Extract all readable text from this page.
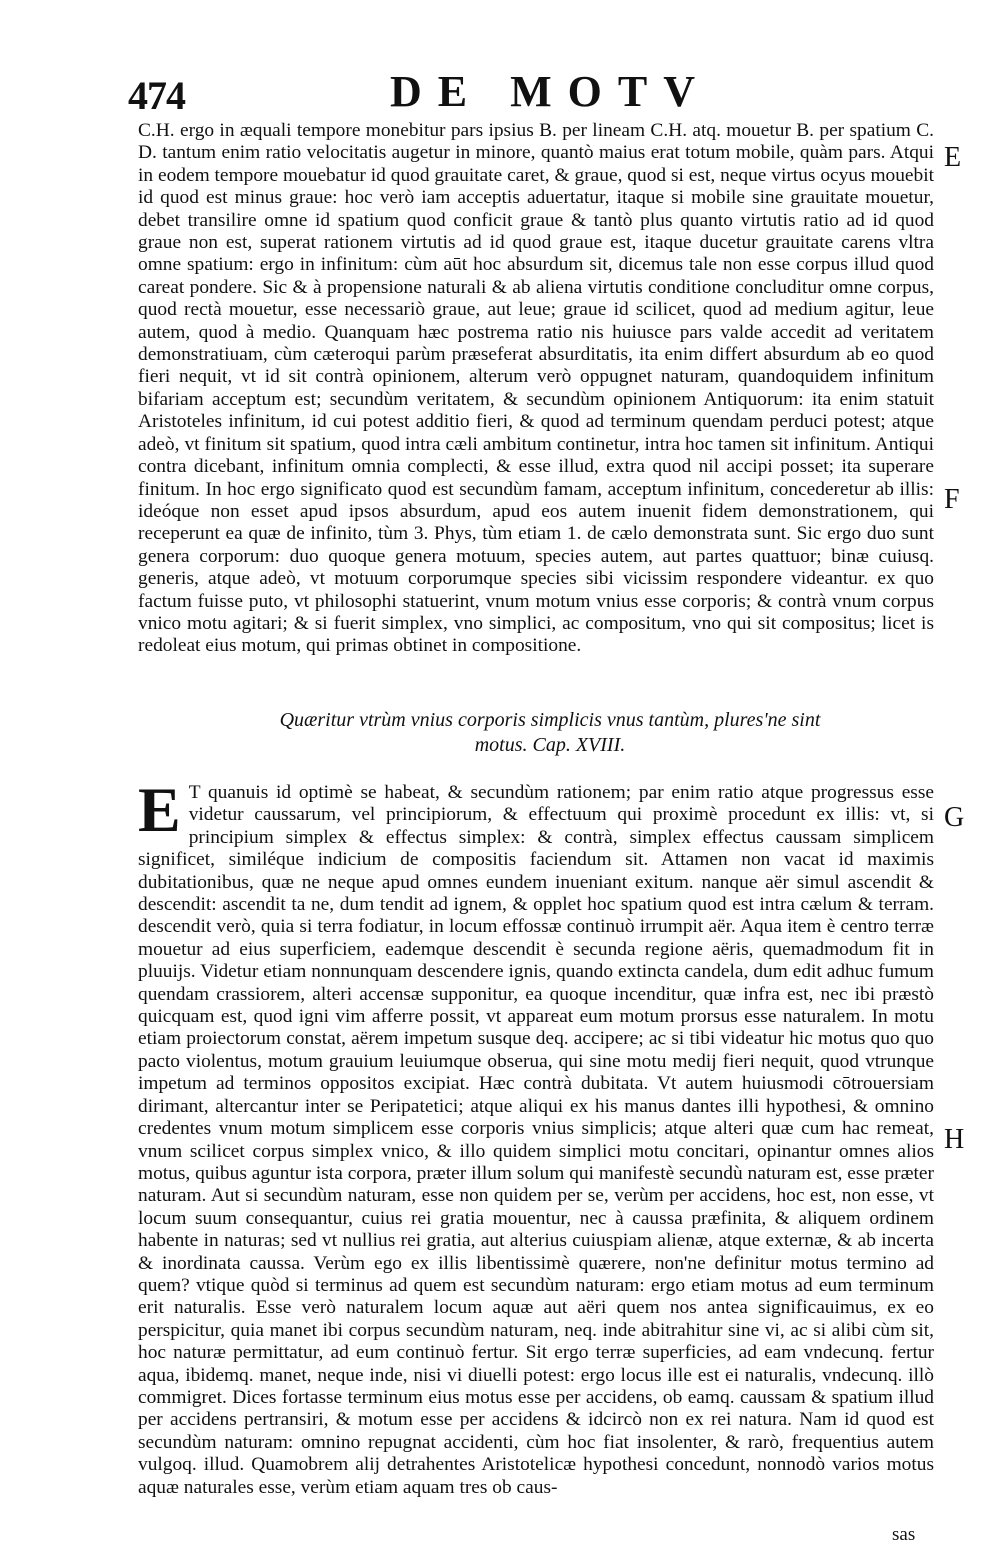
474	DE MOTV

C.H. ergo in æquali tempore monebitur pars ipsius B. per lineam C.H. atq. mouetur B. per spatium C. D. tantum enim ratio velocitatis augetur in minore, quantò maius erat totum mobile, quàm pars. Atqui in eodem tempore mouebatur id quod grauitate caret, & graue, quod si est, neque virtus ocyus mouebit id quod est minus graue: hoc verò iam acceptis aduertatur, itaque si mobile sine grauitate mouetur, debet transilire omne id spatium quod conficit graue & tantò plus quanto virtutis ratio ad id quod graue non est, superat rationem virtutis ad id quod graue est, itaque ducetur grauitate carens vltra omne spatium: ergo in infinitum: cùm aūt hoc absurdum sit, dicemus tale non esse corpus illud quod careat pondere. Sic & à propensione naturali & ab aliena virtutis conditione concluditur omne corpus, quod rectà mouetur, esse necessariò graue, aut leue; graue id scilicet, quod ad medium agitur, leue autem, quod à medio. Quanquam hæc postrema ratio nis huiusce pars valde accedit ad veritatem demonstratiuam, cùm cæteroqui parùm præseferat absurditatis, ita enim differt absurdum ab eo quod fieri nequit, vt id sit contrà opinionem, alterum verò oppugnet naturam, quandoquidem infinitum bifariam acceptum est; secundùm veritatem, & secundùm opinionem Antiquorum: ita enim statuit Aristoteles infinitum, id cui potest additio fieri, & quod ad terminum quendam perduci potest; atque adeò, vt finitum sit spatium, quod intra cæli ambitum continetur, intra hoc tamen sit infinitum. Antiqui contra dicebant, infinitum omnia complecti, & esse illud, extra quod nil accipi posset; ita superare finitum. In hoc ergo significato quod est secundùm famam, acceptum infinitum, concederetur ab illis: ideóque non esset apud ipsos absurdum, apud eos autem inuenit fidem demonstrationem, qui receperunt ea quæ de infinito, tùm 3. Phys, tùm etiam 1. de cælo demonstrata sunt. Sic ergo duo sunt genera corporum: duo quoque genera motuum, species autem, aut partes quattuor; binæ cuiusq. generis, atque adeò, vt motuum corporumque species sibi vicissim respondere videantur. ex quo factum fuisse puto, vt philosophi statuerint, vnum motum vnius esse corporis; & contrà vnum corpus vnico motu agitari; & si fuerit simplex, vno simplici, ac compositum, vno qui sit compositus; licet is redoleat eius motum, qui primas obtinet in compositione.

Quæritur vtrùm vnius corporis simplicis vnus tantùm, plures'ne sint
motus. Cap. XVIII.
E T quanuis id optimè se habeat, & secundùm rationem; par enim ratio atque progressus esse videtur caussarum, vel principiorum, & effectuum qui proximè procedunt ex illis: vt, si principium simplex & effectus simplex: & contrà, simplex effectus caussam simplicem significet, similéque indicium de compositis faciendum sit. Attamen non vacat id maximis dubitationibus, quæ ne neque apud omnes eundem inueniant exitum. nanque aër simul ascendit & descendit: ascendit ta ne, dum tendit ad ignem, & opplet hoc spatium quod est intra cælum & terram. descendit verò, quia si terra fodiatur, in locum effossæ continuò irrumpit aër. Aqua item è centro terræ mouetur ad eius superficiem, eademque descendit è secunda regione aëris, quemadmodum fit in pluuijs. Videtur etiam nonnunquam descendere ignis, quando extincta candela, dum edit adhuc fumum quendam crassiorem, alteri accensæ supponitur, ea quoque incenditur, quæ infra est, nec ibi præstò quicquam est, quod igni vim afferre possit, vt appareat eum motum prorsus esse naturalem. In motu etiam proiectorum constat, aërem impetum susque deq. accipere; ac si tibi videatur hic motus quo quo pacto violentus, motum grauium leuiumque obserua, qui sine motu medij fieri nequit, quod vtrunque impetum ad terminos oppositos excipiat. Hæc contrà dubitata. Vt autem huiusmodi cōtrouersiam dirimant, altercantur inter se Peripatetici; atque aliqui ex his manus dantes illi hypothesi, & omnino credentes vnum motum simplicem esse corporis vnius simplicis; atque alteri quæ cum hac remeat, vnum scilicet corpus simplex vnico, & illo quidem simplici motu concitari, opinantur omnes alios motus, quibus aguntur ista corpora, præter illum solum qui manifestè secundù naturam est, esse præter naturam. Aut si secundùm naturam, esse non quidem per se, verùm per accidens, hoc est, non esse, vt locum suum consequantur, cuius rei gratia mouentur, nec à caussa præfinita, & aliquem ordinem habente in naturas; sed vt nullius rei gratia, aut alterius cuiuspiam alienæ, atque externæ, & ab incerta & inordinata caussa. Verùm ego ex illis libentissimè quærere, non'ne definitur motus termino ad quem? vtique quòd si terminus ad quem est secundùm naturam: ergo etiam motus ad eum terminum erit naturalis. Esse verò naturalem locum aquæ aut aëri quem nos antea significauimus, ex eo perspicitur, quia manet ibi corpus secundùm naturam, neq. inde abitrahitur sine vi, ac si alibi cùm sit, hoc naturæ permittatur, ad eum continuò fertur. Sit ergo terræ superficies, ad eam vndecunq. fertur aqua, ibidemq. manet, neque inde, nisi vi diuelli potest: ergo locus ille est ei naturalis, vndecunq. illò commigret. Dices fortasse terminum eius motus esse per accidens, ob eamq. caussam & spatium illud per accidens pertransiri, & motum esse per accidens & idcircò non ex rei natura. Nam id quod est secundùm naturam: omnino repugnat accidenti, cùm hoc fiat insolenter, & rarò, frequentius autem vulgoq. illud. Quamobrem alij detrahentes Aristotelicæ hypothesi concedunt, nonnodò varios motus aquæ naturales esse, verùm etiam aquam tres ob caus-

E
F
G
H
sas
